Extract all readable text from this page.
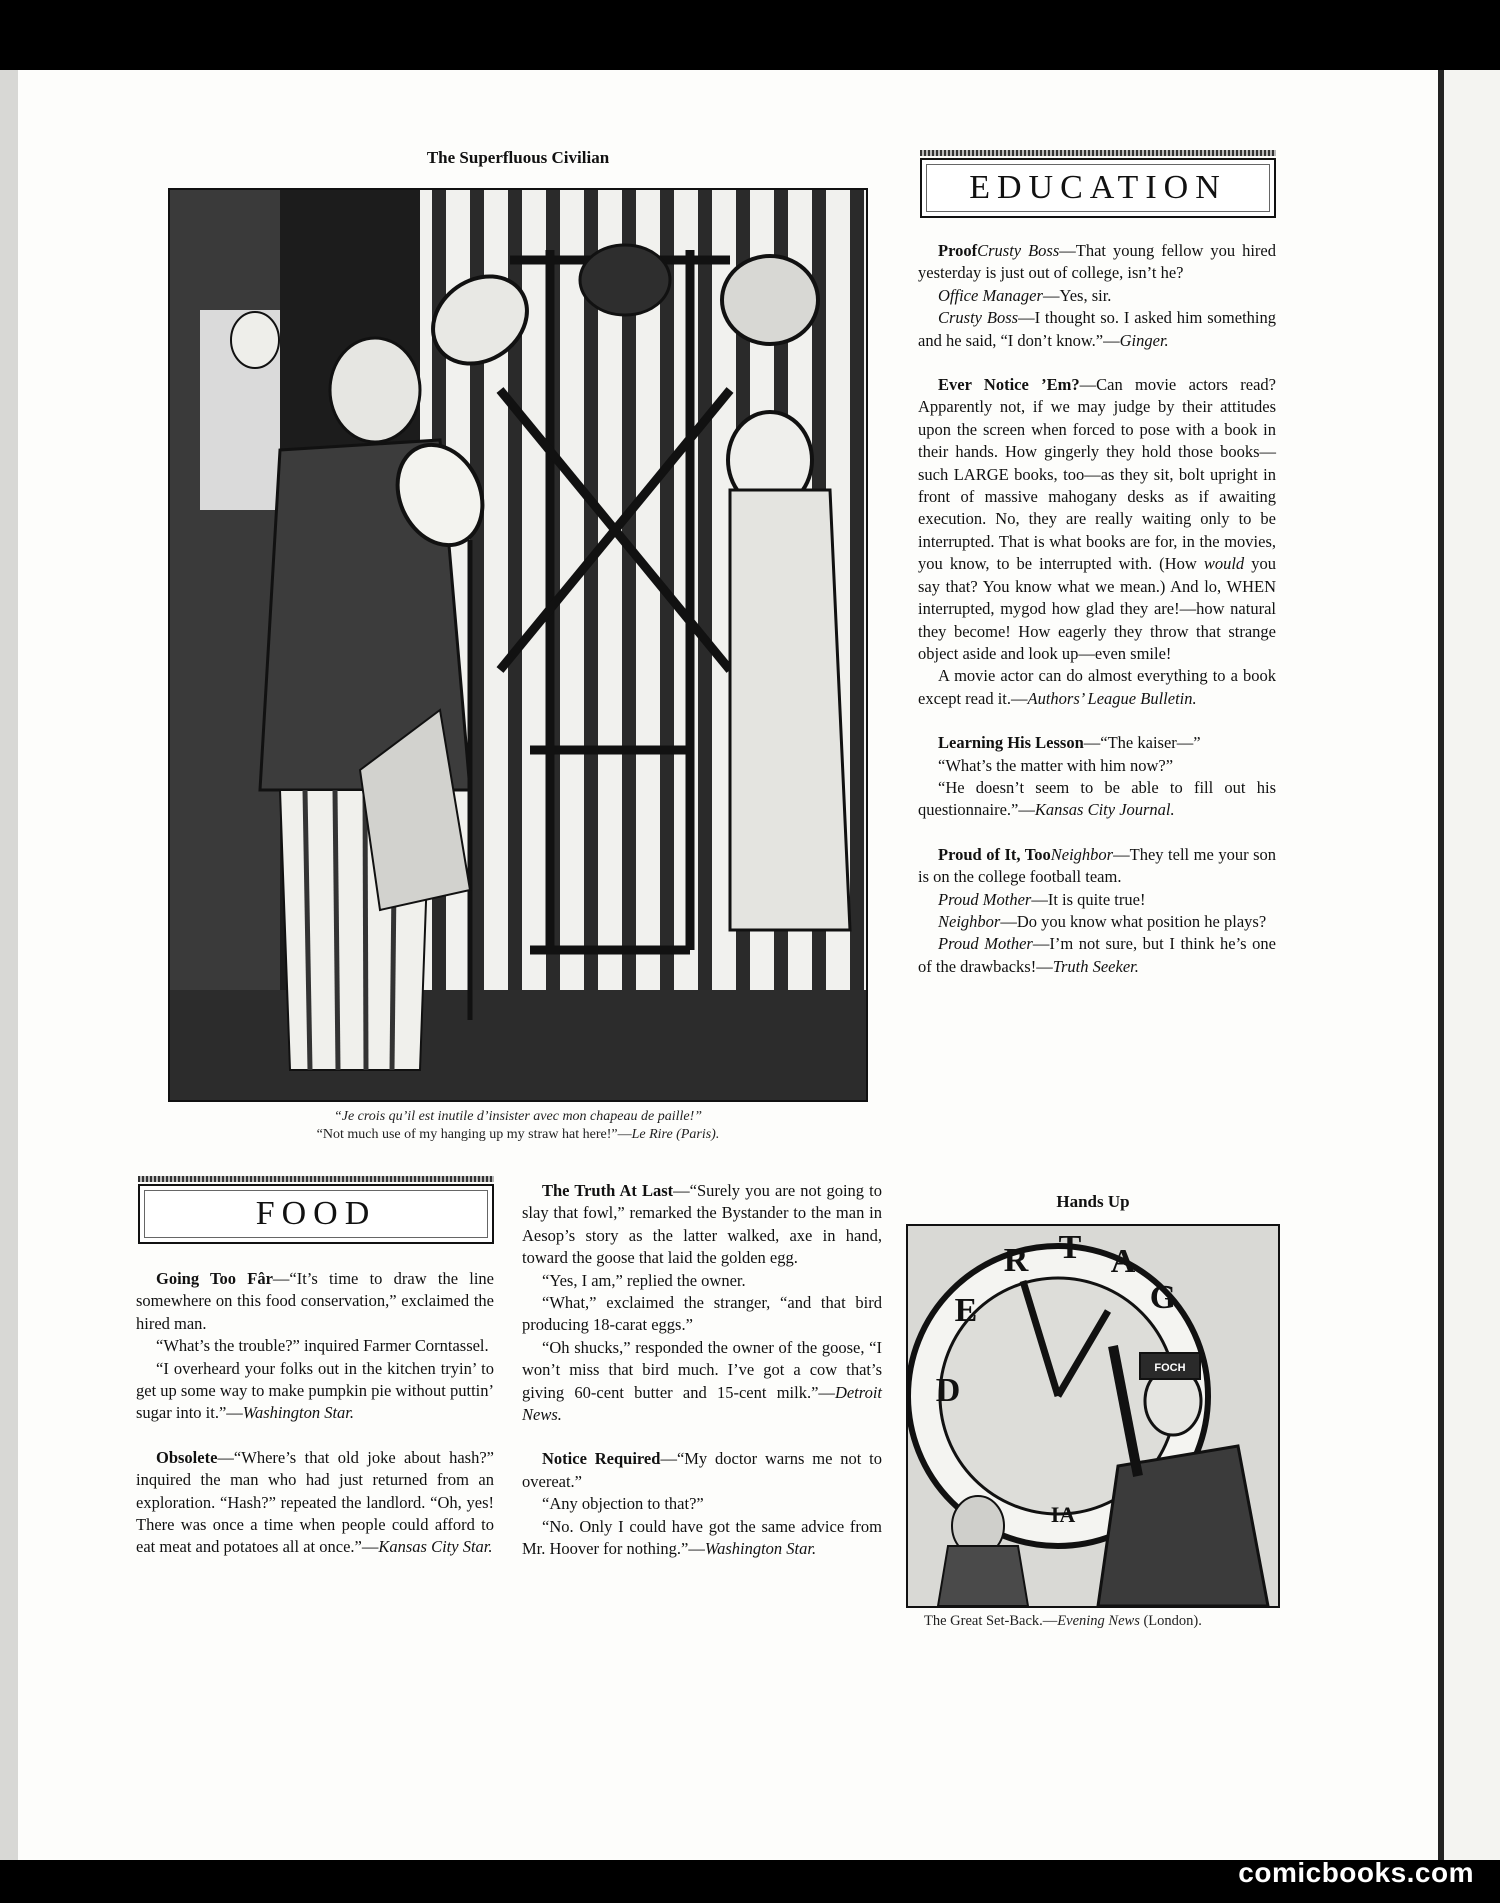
The Superfluous Civilian
“Je crois qu’il est inutile d’insister avec mon chapeau de paille!”
“Not much use of my hanging up my straw hat here!”—Le Rire (Paris).
EDUCATION

ProofCrusty Boss—That young fellow you hired yesterday is just out of college, isn’t he?

Office Manager—Yes, sir.

Crusty Boss—I thought so. I asked him something and he said, “I don’t know.”—Ginger.

Ever Notice ’Em?—Can movie actors read? Apparently not, if we may judge by their attitudes upon the screen when forced to pose with a book in their hands. How gingerly they hold those books—such LARGE books, too—as they sit, bolt upright in front of massive mahogany desks as if awaiting execution. No, they are really waiting only to be interrupted. That is what books are for, in the movies, you know, to be interrupted with. (How would you say that? You know what we mean.) And lo, WHEN interrupted, mygod how glad they are!—how natural they become! How eagerly they throw that strange object aside and look up—even smile!

A movie actor can do almost everything to a book except read it.—Authors’ League Bulletin.

Learning His Lesson—“The kaiser—”

“What’s the matter with him now?”

“He doesn’t seem to be able to fill out his questionnaire.”—Kansas City Journal.

Proud of It, TooNeighbor—They tell me your son is on the college football team.

Proud Mother—It is quite true!

Neighbor—Do you know what position he plays?

Proud Mother—I’m not sure, but I think he’s one of the drawbacks!—Truth Seeker.

FOOD

Going Too Fâr—“It’s time to draw the line somewhere on this food conservation,” exclaimed the hired man.

“What’s the trouble?” inquired Farmer Corntassel.

“I overheard your folks out in the kitchen tryin’ to get up some way to make pumpkin pie without puttin’ sugar into it.”—Washington Star.

Obsolete—“Where’s that old joke about hash?” inquired the man who had just returned from an exploration. “Hash?” repeated the landlord. “Oh, yes! There was once a time when people could afford to eat meat and potatoes all at once.”—Kansas City Star.

The Truth At Last—“Surely you are not going to slay that fowl,” remarked the Bystander to the man in Aesop’s story as the latter walked, axe in hand, toward the goose that laid the golden egg.

“Yes, I am,” replied the owner.

“What,” exclaimed the stranger, “and that bird producing 18-carat eggs.”

“Oh shucks,” responded the owner of the goose, “I won’t miss that bird much. I’ve got a cow that’s giving 60-cent butter and 15-cent milk.”—Detroit News.

Notice Required—“My doctor warns me not to overeat.”

“Any objection to that?”

“No. Only I could have got the same advice from Mr. Hoover for nothing.”—Washington Star.

Hands Up
D
E
R T A
G
IA
FOCH
The Great Set-Back.—Evening News (London).
comicbooks.com
